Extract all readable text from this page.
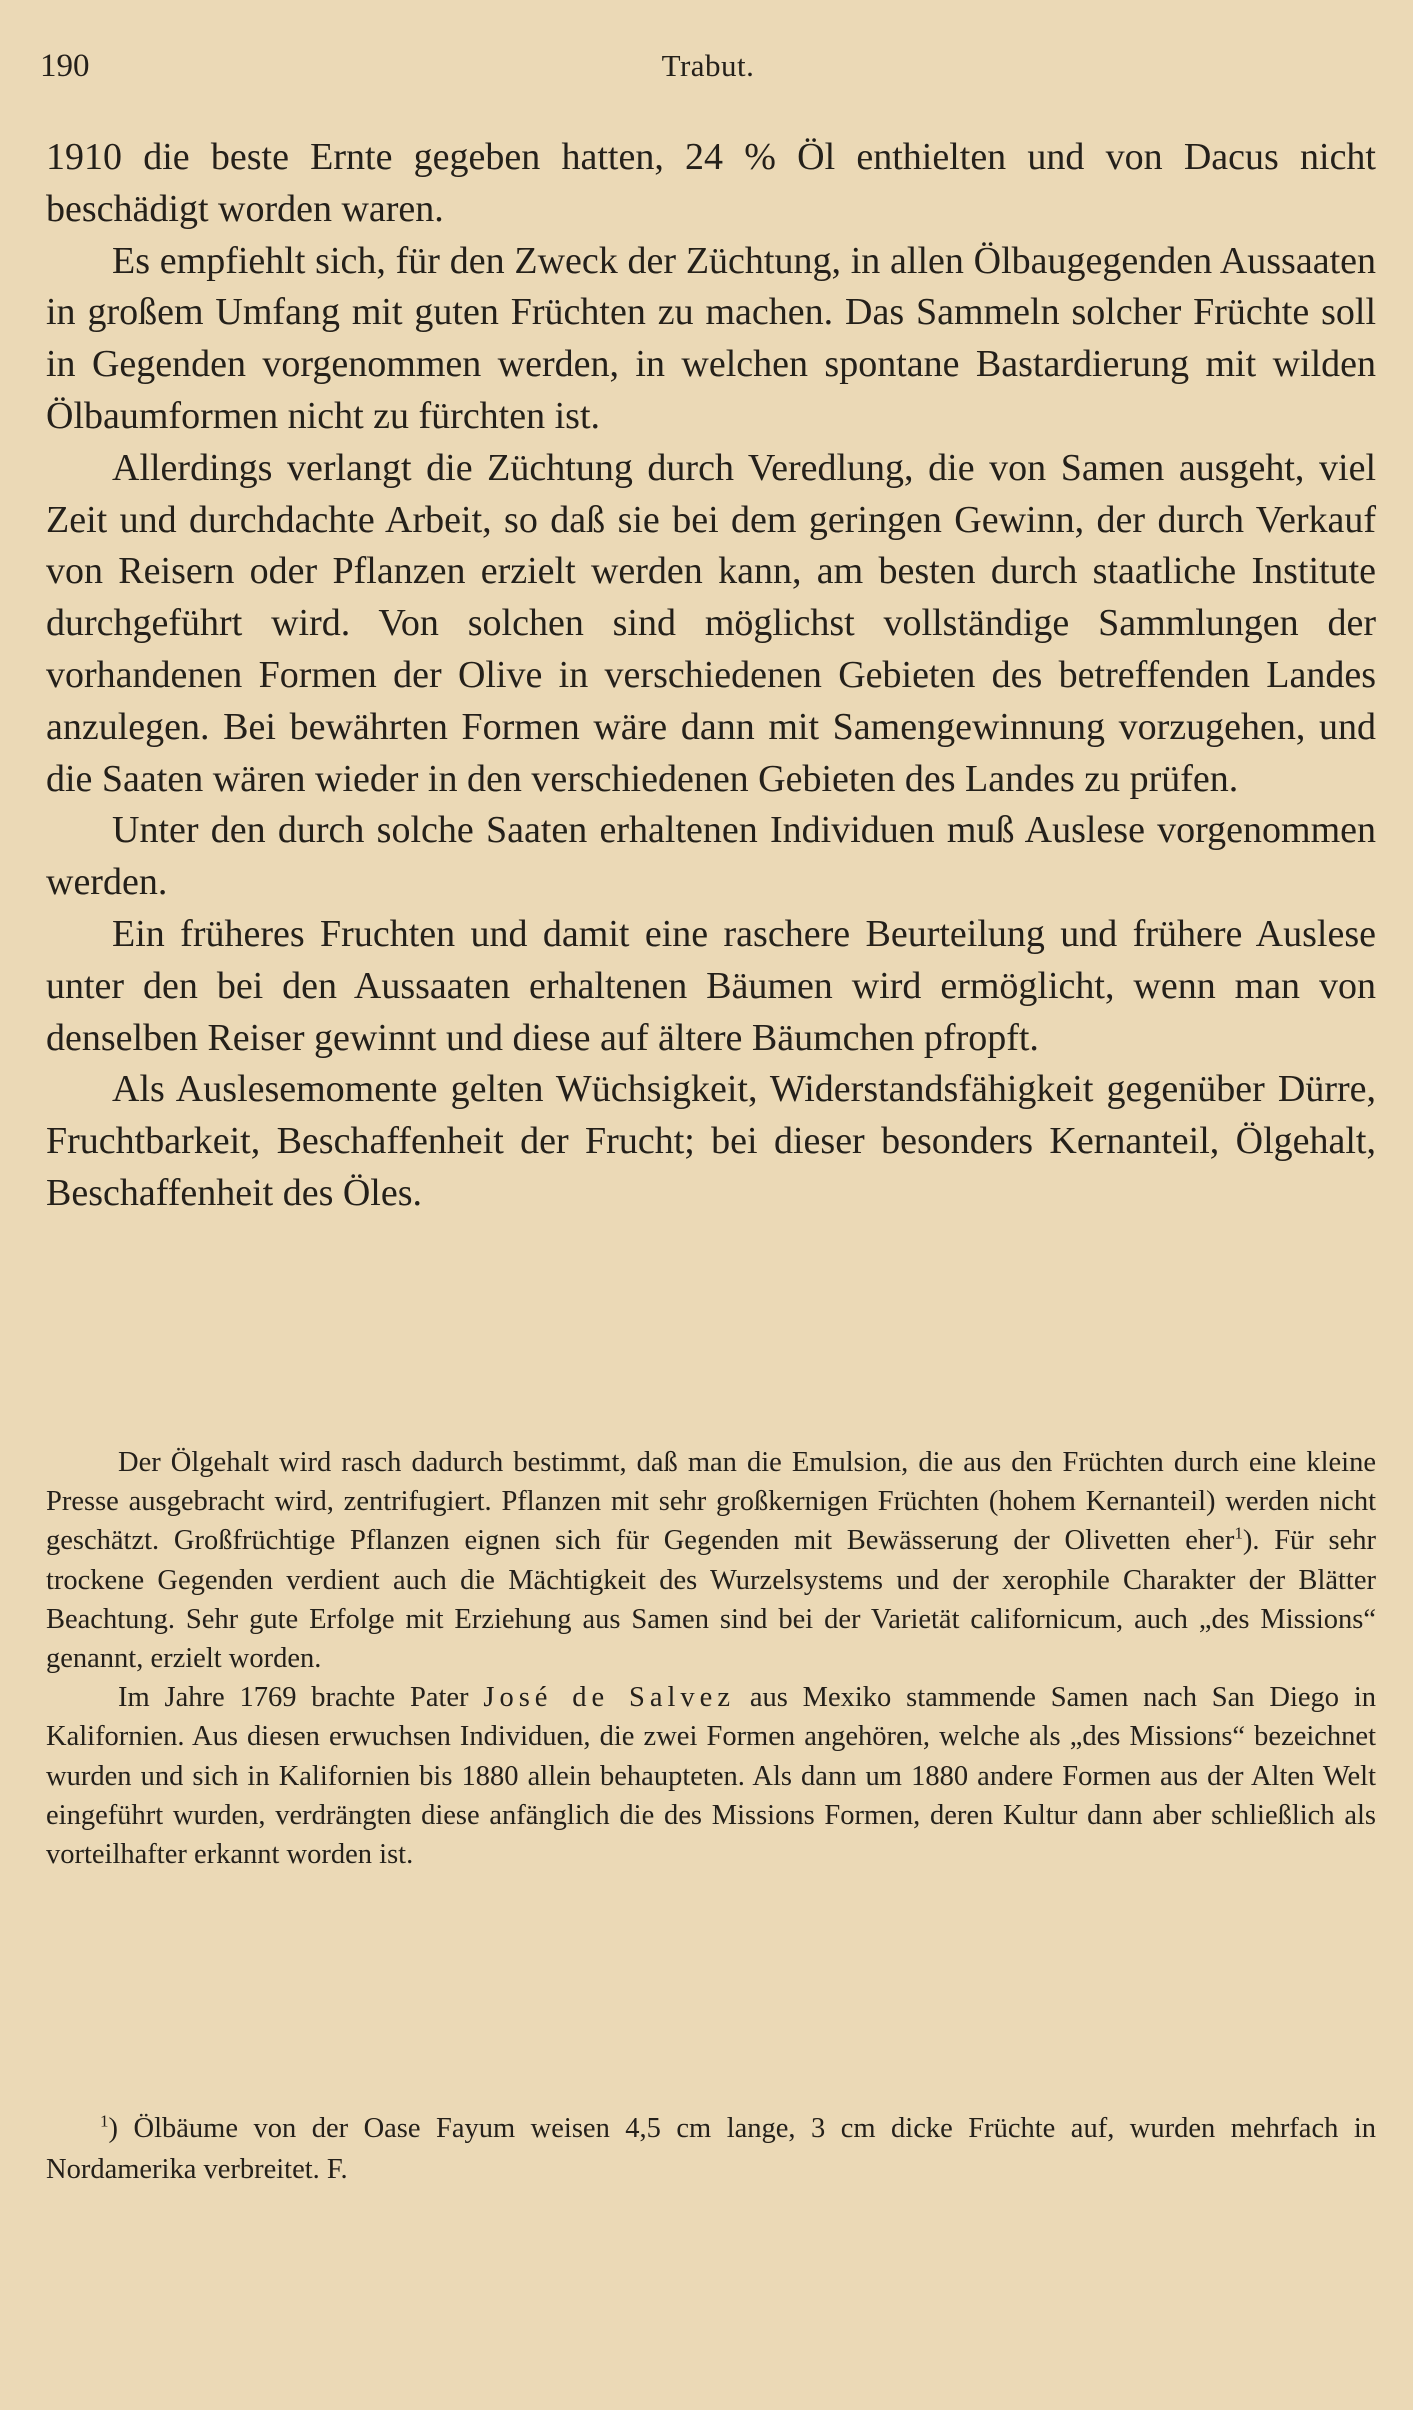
190	Trabut.

1910 die beste Ernte gegeben hatten, 24 % Öl enthielten und von Dacus nicht beschädigt worden waren.

Es empfiehlt sich, für den Zweck der Züchtung, in allen Ölbaugegenden Aussaaten in großem Umfang mit guten Früchten zu machen. Das Sammeln solcher Früchte soll in Gegenden vorgenommen werden, in welchen spontane Bastardierung mit wilden Ölbaumformen nicht zu fürchten ist.

Allerdings verlangt die Züchtung durch Veredlung, die von Samen ausgeht, viel Zeit und durchdachte Arbeit, so daß sie bei dem geringen Gewinn, der durch Verkauf von Reisern oder Pflanzen erzielt werden kann, am besten durch staatliche Institute durchgeführt wird. Von solchen sind möglichst vollständige Sammlungen der vorhandenen Formen der Olive in verschiedenen Gebieten des betreffenden Landes anzulegen. Bei bewährten Formen wäre dann mit Samengewinnung vorzugehen, und die Saaten wären wieder in den verschiedenen Gebieten des Landes zu prüfen.

Unter den durch solche Saaten erhaltenen Individuen muß Auslese vorgenommen werden.

Ein früheres Fruchten und damit eine raschere Beurteilung und frühere Auslese unter den bei den Aussaaten erhaltenen Bäumen wird ermöglicht, wenn man von denselben Reiser gewinnt und diese auf ältere Bäumchen pfropft.

Als Auslesemomente gelten Wüchsigkeit, Widerstandsfähigkeit gegenüber Dürre, Fruchtbarkeit, Beschaffenheit der Frucht; bei dieser besonders Kernanteil, Ölgehalt, Beschaffenheit des Öles.

Der Ölgehalt wird rasch dadurch bestimmt, daß man die Emulsion, die aus den Früchten durch eine kleine Presse ausgebracht wird, zentrifugiert. Pflanzen mit sehr großkernigen Früchten (hohem Kernanteil) werden nicht geschätzt. Großfrüchtige Pflanzen eignen sich für Gegenden mit Bewässerung der Olivetten eher$^1$). Für sehr trockene Gegenden verdient auch die Mächtigkeit des Wurzelsystems und der xerophile Charakter der Blätter Beachtung. Sehr gute Erfolge mit Erziehung aus Samen sind bei der Varietät californicum, auch „des Missions“ genannt, erzielt worden.

Im Jahre 1769 brachte Pater José de Salvez aus Mexiko stammende Samen nach San Diego in Kalifornien. Aus diesen erwuchsen Individuen, die zwei Formen angehören, welche als „des Missions“ bezeichnet wurden und sich in Kalifornien bis 1880 allein behaupteten. Als dann um 1880 andere Formen aus der Alten Welt eingeführt wurden, verdrängten diese anfänglich die des Missions Formen, deren Kultur dann aber schließlich als vorteilhafter erkannt worden ist.

$^1$) Ölbäume von der Oase Fayum weisen 4,5 cm lange, 3 cm dicke Früchte auf, wurden mehrfach in Nordamerika verbreitet. F.
